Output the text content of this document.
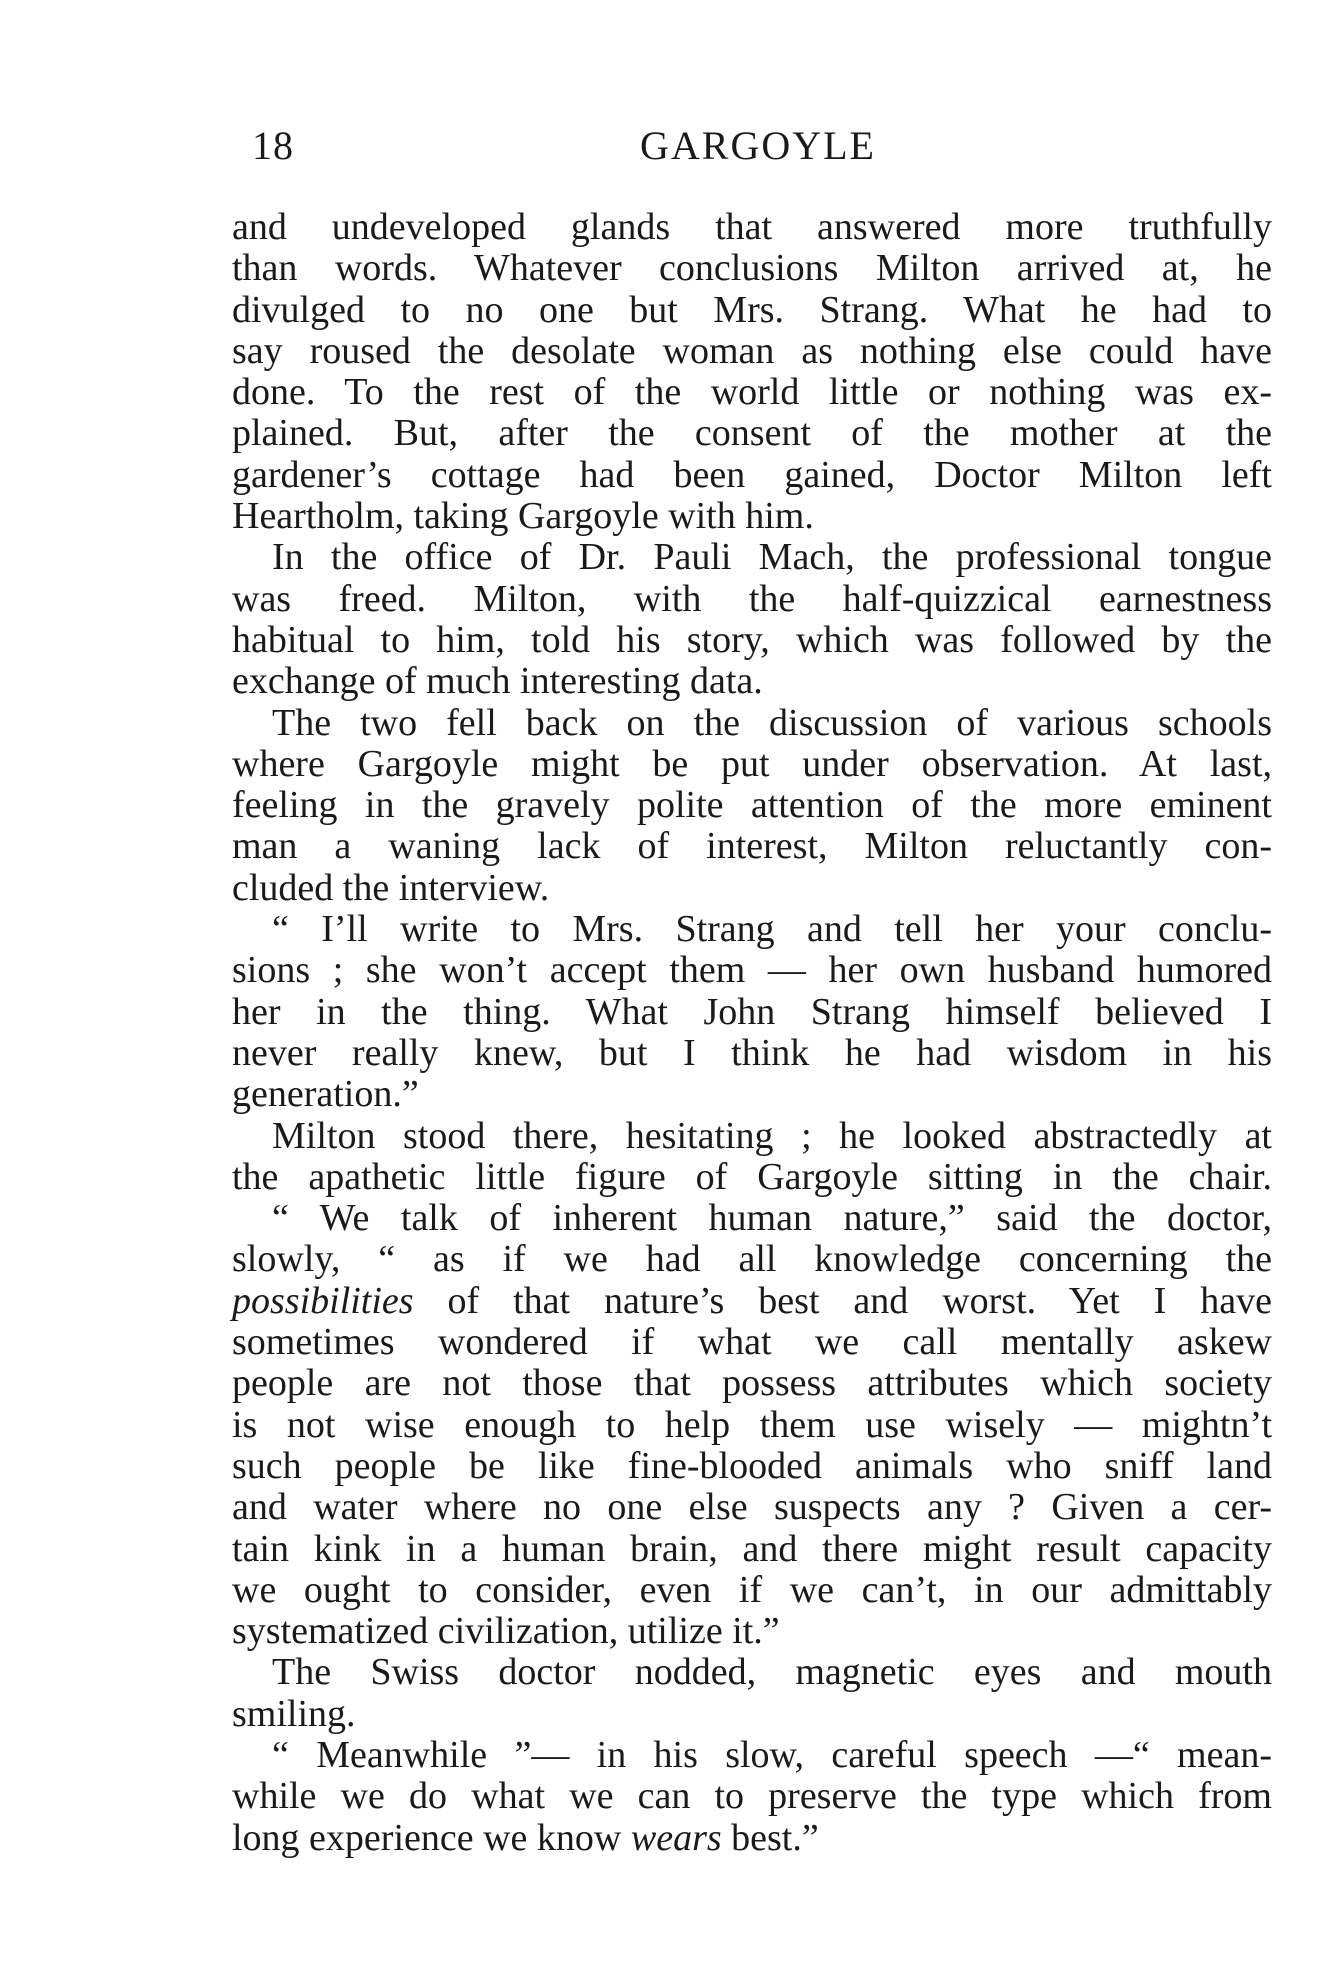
18	GARGOYLE
and undeveloped glands that answered more truthfully
than words. Whatever conclusions Milton arrived at, he
divulged to no one but Mrs. Strang. What he had to
say roused the desolate woman as nothing else could have
done. To the rest of the world little or nothing was ex-
plained. But, after the consent of the mother at the
gardener’s cottage had been gained, Doctor Milton left
Heartholm, taking Gargoyle with him.
In the office of Dr. Pauli Mach, the professional tongue
was freed. Milton, with the half-quizzical earnestness
habitual to him, told his story, which was followed by the
exchange of much interesting data.
The two fell back on the discussion of various schools
where Gargoyle might be put under observation. At last,
feeling in the gravely polite attention of the more eminent
man a waning lack of interest, Milton reluctantly con-
cluded the interview.
“ I’ll write to Mrs. Strang and tell her your conclu-
sions ; she won’t accept them — her own husband humored
her in the thing. What John Strang himself believed I
never really knew, but I think he had wisdom in his
generation.”
Milton stood there, hesitating ; he looked abstractedly at
the apathetic little figure of Gargoyle sitting in the chair.
“ We talk of inherent human nature,” said the doctor,
slowly, “ as if we had all knowledge concerning the
possibilities of that nature’s best and worst. Yet I have
sometimes wondered if what we call mentally askew
people are not those that possess attributes which society
is not wise enough to help them use wisely — mightn’t
such people be like fine-blooded animals who sniff land
and water where no one else suspects any ? Given a cer-
tain kink in a human brain, and there might result capacity
we ought to consider, even if we can’t, in our admittably
systematized civilization, utilize it.”
The Swiss doctor nodded, magnetic eyes and mouth
smiling.
“ Meanwhile ”— in his slow, careful speech —“ mean-
while we do what we can to preserve the type which from
long experience we know wears best.”
